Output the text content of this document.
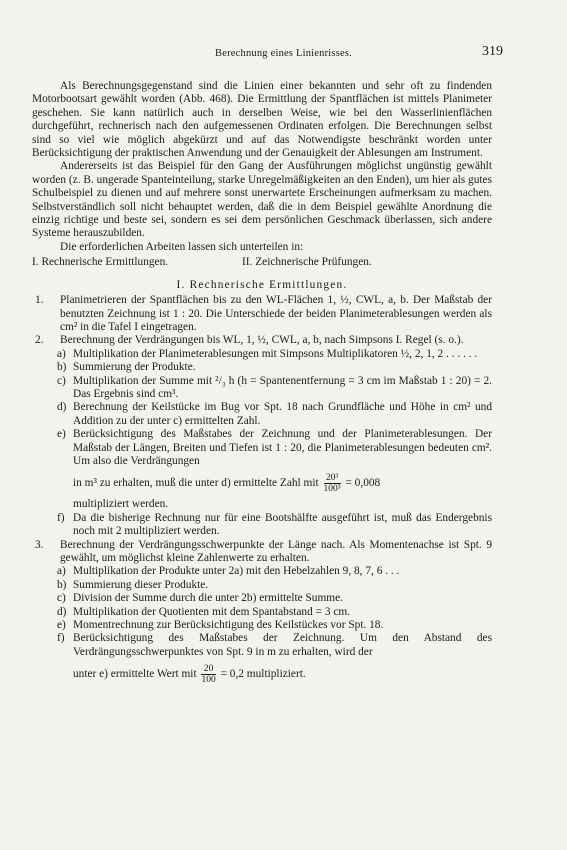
Berechnung eines Linienrisses.	319

Als Berechnungsgegenstand sind die Linien einer bekannten und sehr oft zu findenden Motorbootsart gewählt worden (Abb. 468). Die Ermittlung der Spantflächen ist mittels Planimeter geschehen. Sie kann natürlich auch in derselben Weise, wie bei den Wasserlinienflächen durchgeführt, rechnerisch nach den aufgemessenen Ordinaten erfolgen. Die Berechnungen selbst sind so viel wie möglich abgekürzt und auf das Notwendigste beschränkt worden unter Berücksichtigung der praktischen Anwendung und der Genauigkeit der Ablesungen am Instrument.

Andererseits ist das Beispiel für den Gang der Ausführungen möglichst ungünstig gewählt worden (z. B. ungerade Spanteinteilung, starke Unregelmäßigkeiten an den Enden), um hier als gutes Schulbeispiel zu dienen und auf mehrere sonst unerwartete Erscheinungen aufmerksam zu machen. Selbstverständlich soll nicht behauptet werden, daß die in dem Beispiel gewählte Anordnung die einzig richtige und beste sei, sondern es sei dem persönlichen Geschmack überlassen, sich andere Systeme herauszubilden.

Die erforderlichen Arbeiten lassen sich unterteilen in:

I. Rechnerische Ermittlungen.	II. Zeichnerische Prüfungen.
I. Rechnerische Ermittlungen.
1.	Planimetrieren der Spantflächen bis zu den WL-Flächen 1, ½, CWL, a, b. Der Maßstab der benutzten Zeichnung ist 1 : 20. Die Unterschiede der beiden Planimeterablesungen werden als cm² in die Tafel I eingetragen.
2.	Berechnung der Verdrängungen bis WL, 1, ½, CWL, a, b, nach Simpsons I. Regel (s. o.).
a) Multiplikation der Planimeterablesungen mit Simpsons Multiplikatoren ½, 2, 1, 2 . . . . . .
b) Summierung der Produkte.
c) Multiplikation der Summe mit ²/₃ h (h = Spantenentfernung = 3 cm im Maßstab 1 : 20) = 2. Das Ergebnis sind cm³.
d) Berechnung der Keilstücke im Bug vor Spt. 18 nach Grundfläche und Höhe in cm² und Addition zu der unter c) ermittelten Zahl.
e) Berücksichtigung des Maßstabes der Zeichnung und der Planimeterablesungen. Der Maßstab der Längen, Breiten und Tiefen ist 1 : 20, die Planimeterablesungen bedeuten cm². Um also die Verdrängungen
in m³ zu erhalten, muß die unter d) ermittelte Zahl mit $\frac{\text{20³}}{\text{100³}} = 0,008$
multipliziert werden.
f) Da die bisherige Rechnung nur für eine Bootshälfte ausgeführt ist, muß das Endergebnis noch mit 2 multipliziert werden.
3.	Berechnung der Verdrängungsschwerpunkte der Länge nach. Als Momentenachse ist Spt. 9 gewählt, um möglichst kleine Zahlenwerte zu erhalten.
a) Multiplikation der Produkte unter 2a) mit den Hebelzahlen 9, 8, 7, 6 . . .
b) Summierung dieser Produkte.
c) Division der Summe durch die unter 2b) ermittelte Summe.
d) Multiplikation der Quotienten mit dem Spantabstand = 3 cm.
e) Momentrechnung zur Berücksichtigung des Keilstückes vor Spt. 18.
f) Berücksichtigung des Maßstabes der Zeichnung. Um den Abstand des Verdrängungsschwerpunktes von Spt. 9 in m zu erhalten, wird der
unter e) ermittelte Wert mit $\frac{20}{100} = 0,2$ multipliziert.
